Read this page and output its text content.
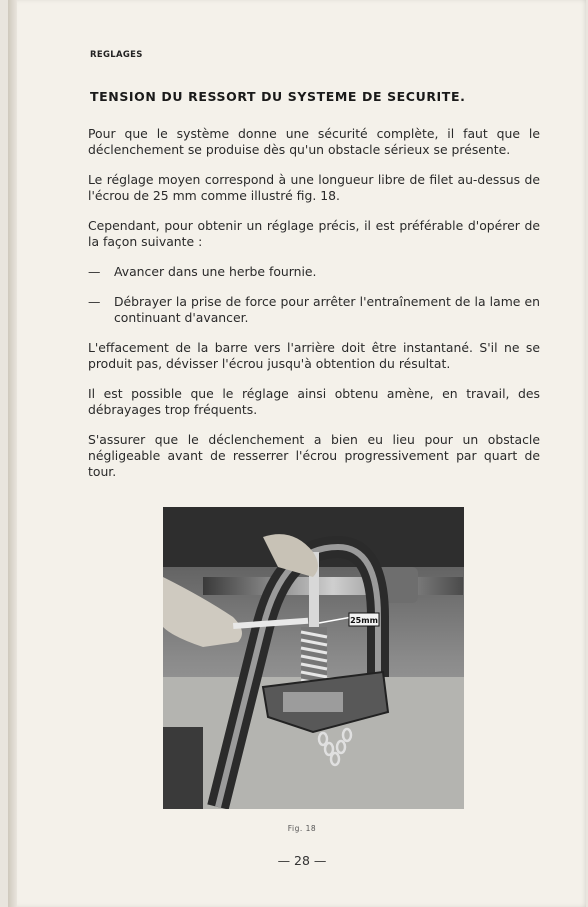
REGLAGES
TENSION DU RESSORT DU SYSTEME DE SECURITE.

Pour que le système donne une sécurité complète, il faut que le déclenchement se produise dès qu'un obstacle sérieux se présente.

Le réglage moyen correspond à une longueur libre de filet au-dessus de l'écrou de 25 mm comme illustré fig. 18.

Cependant, pour obtenir un réglage précis, il est préférable d'opérer de la façon suivante :

—	Avancer dans une herbe fournie.
—	Débrayer la prise de force pour arrêter l'entraînement de la lame en continuant d'avancer.

L'effacement de la barre vers l'arrière doit être instantané. S'il ne se produit pas, dévisser l'écrou jusqu'à obtention du résultat.

Il est possible que le réglage ainsi obtenu amène, en travail, des débrayages trop fréquents.

S'assurer que le déclenchement a bien eu lieu pour un obstacle négligeable avant de resserrer l'écrou progressivement par quart de tour.

25mm
Fig. 18
— 28 —
